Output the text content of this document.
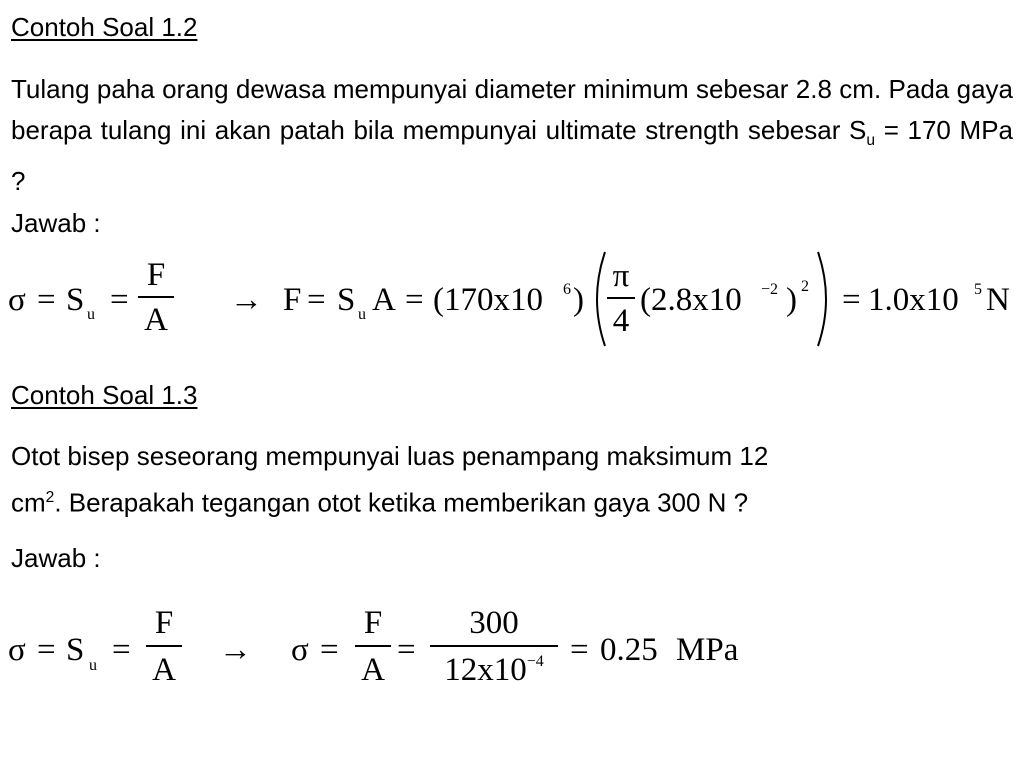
Contoh Soal 1.2
Tulang paha orang dewasa mempunyai diameter minimum sebesar 2.8 cm. Pada gaya berapa tulang ini akan patah bila mempunyai ultimate strength sebesar $S_u = 170$ MPa ?
Jawab :
σ = S u =
F
A
→ F = S u A = (170x10 6 )
π
4
(2.8x10 −2 ) 2 = 1.0x10 5 N
Contoh Soal 1.3
Otot bisep seseorang mempunyai luas penampang maksimum 12
$cm^2$. Berapakah tegangan otot ketika memberikan gaya 300 N ?
Jawab :
σ = S u =
F
A
→ σ =
F
A
=
300
$12x10^{-4} = 0.25$ MPa
